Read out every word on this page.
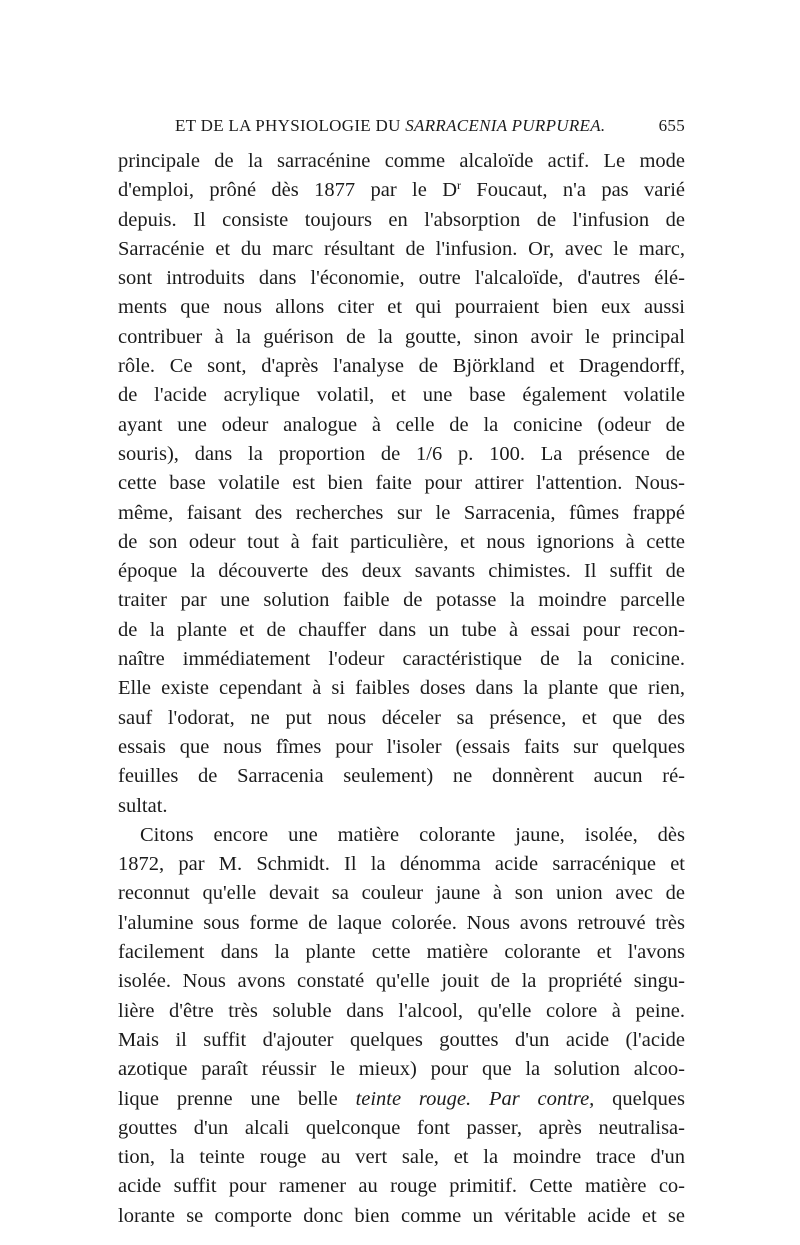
ET DE LA PHYSIOLOGIE DU SARRACENIA PURPUREA.	655
principale de la sarracénine comme alcaloïde actif. Le mode
d'emploi, prôné dès 1877 par le $D^r$ Foucaut, n'a pas varié
depuis. Il consiste toujours en l'absorption de l'infusion de
Sarracénie et du marc résultant de l'infusion. Or, avec le marc,
sont introduits dans l'économie, outre l'alcaloïde, d'autres élé-
ments que nous allons citer et qui pourraient bien eux aussi
contribuer à la guérison de la goutte, sinon avoir le principal
rôle. Ce sont, d'après l'analyse de Björkland et Dragendorff,
de l'acide acrylique volatil, et une base également volatile
ayant une odeur analogue à celle de la conicine (odeur de
souris), dans la proportion de 1/6 p. 100. La présence de
cette base volatile est bien faite pour attirer l'attention. Nous-
même, faisant des recherches sur le Sarracenia, fûmes frappé
de son odeur tout à fait particulière, et nous ignorions à cette
époque la découverte des deux savants chimistes. Il suffit de
traiter par une solution faible de potasse la moindre parcelle
de la plante et de chauffer dans un tube à essai pour recon-
naître immédiatement l'odeur caractéristique de la conicine.
Elle existe cependant à si faibles doses dans la plante que rien,
sauf l'odorat, ne put nous déceler sa présence, et que des
essais que nous fîmes pour l'isoler (essais faits sur quelques
feuilles de Sarracenia seulement) ne donnèrent aucun ré-
sultat.
Citons encore une matière colorante jaune, isolée, dès
1872, par M. Schmidt. Il la dénomma acide sarracénique et
reconnut qu'elle devait sa couleur jaune à son union avec de
l'alumine sous forme de laque colorée. Nous avons retrouvé très
facilement dans la plante cette matière colorante et l'avons
isolée. Nous avons constaté qu'elle jouit de la propriété singu-
lière d'être très soluble dans l'alcool, qu'elle colore à peine.
Mais il suffit d'ajouter quelques gouttes d'un acide (l'acide
azotique paraît réussir le mieux) pour que la solution alcoo-
lique prenne une belle teinte rouge. Par contre, quelques
gouttes d'un alcali quelconque font passer, après neutralisa-
tion, la teinte rouge au vert sale, et la moindre trace d'un
acide suffit pour ramener au rouge primitif. Cette matière co-
lorante se comporte donc bien comme un véritable acide et se
